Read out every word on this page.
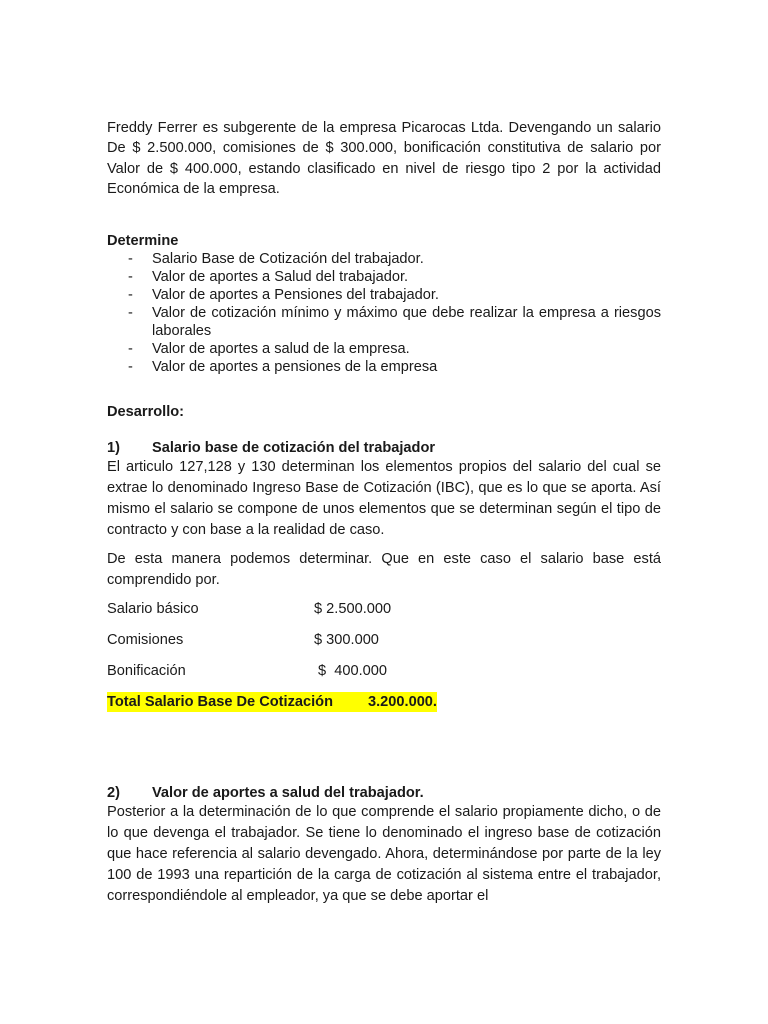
Freddy Ferrer es subgerente de la empresa Picarocas Ltda. Devengando un salario De $ 2.500.000, comisiones de $ 300.000, bonificación constitutiva de salario por Valor de $ 400.000, estando clasificado en nivel de riesgo tipo 2 por la actividad Económica de la empresa.

Determine
- Salario Base de Cotización del trabajador.
- Valor de aportes a Salud del trabajador.
- Valor de aportes a Pensiones del trabajador.
- Valor de cotización mínimo y máximo que debe realizar la empresa a riesgos laborales
- Valor de aportes a salud de la empresa.
- Valor de aportes a pensiones de la empresa
Desarrollo:
1)	Salario base de cotización del trabajador

El articulo 127,128 y 130 determinan los elementos propios del salario del cual se extrae lo denominado Ingreso Base de Cotización (IBC), que es lo que se aporta. Así mismo el salario se compone de unos elementos que se determinan según el tipo de contracto y con base a la realidad de caso.

De esta manera podemos determinar. Que en este caso el salario base está comprendido por.

Salario básico	$ 2.500.000
Comisiones	$ 300.000
Bonificación	$  400.000
Total Salario Base De Cotización 3.200.000.
2)	Valor de aportes a salud del trabajador.

Posterior a la determinación de lo que comprende el salario propiamente dicho, o de lo que devenga el trabajador. Se tiene lo denominado el ingreso base de cotización que hace referencia al salario devengado. Ahora, determinándose por parte de la ley 100 de 1993 una repartición de la carga de cotización al sistema entre el trabajador, correspondiéndole al empleador, ya que se debe aportar el
